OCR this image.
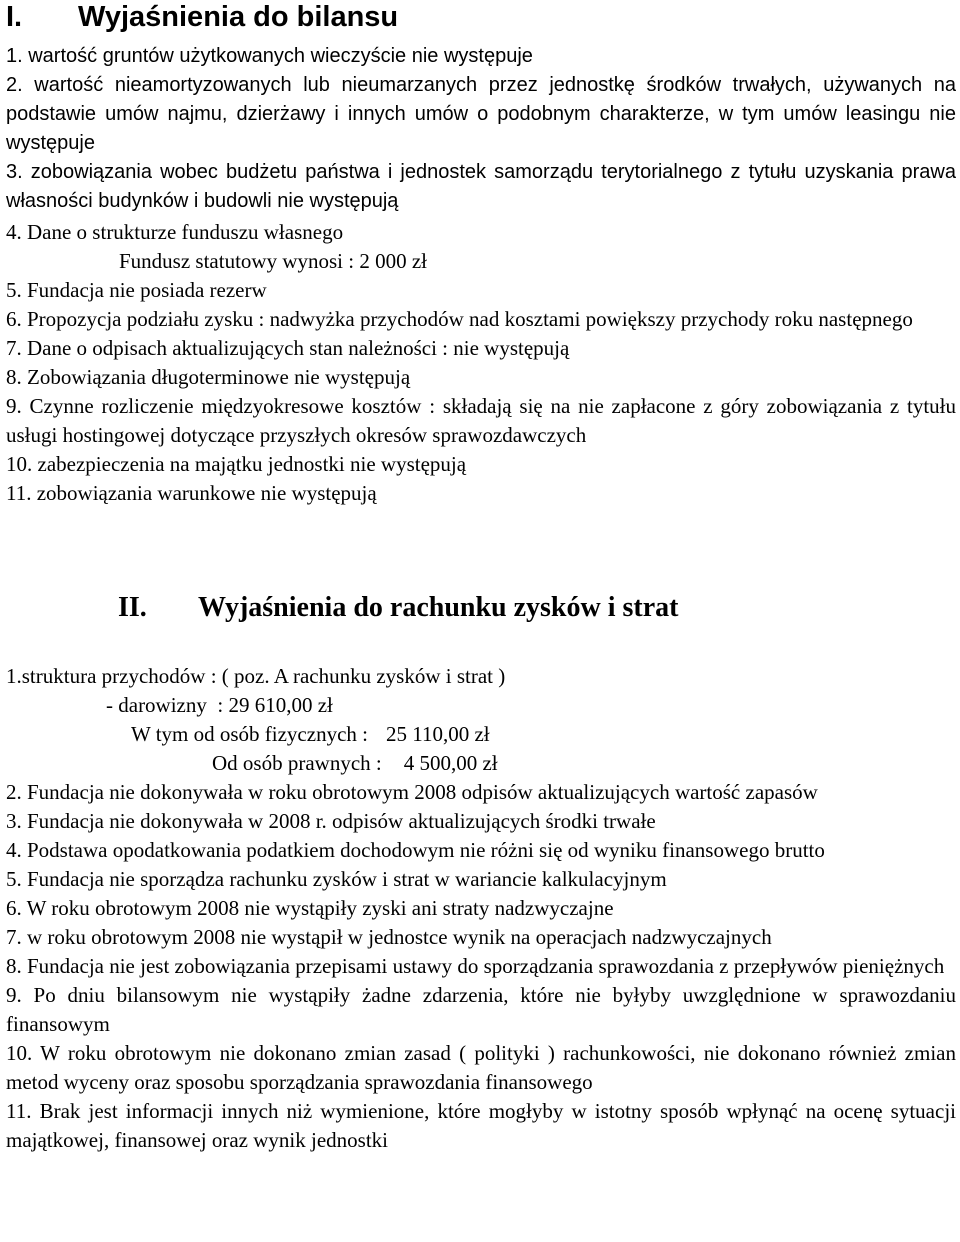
I. Wyjaśnienia do bilansu

1. wartość gruntów użytkowanych wieczyście nie występuje

2. wartość nieamortyzowanych lub nieumarzanych przez jednostkę środków trwałych, używanych na podstawie umów najmu, dzierżawy i innych umów o podobnym charakterze, w tym umów leasingu nie występuje

3. zobowiązania wobec budżetu państwa i jednostek samorządu terytorialnego z tytułu uzyskania prawa własności budynków i budowli nie występują

4. Dane o strukturze funduszu własnego

Fundusz statutowy wynosi : 2 000 zł

5. Fundacja nie posiada rezerw

6. Propozycja podziału zysku : nadwyżka przychodów nad kosztami powiększy przychody roku następnego

7. Dane o odpisach aktualizujących stan należności : nie występują

8. Zobowiązania długoterminowe nie występują

9. Czynne rozliczenie międzyokresowe kosztów : składają się na nie zapłacone z góry zobowiązania z tytułu usługi hostingowej dotyczące przyszłych okresów sprawozdawczych

10. zabezpieczenia na majątku jednostki nie występują

11. zobowiązania warunkowe nie występują

II. Wyjaśnienia do rachunku zysków i strat

1.struktura przychodów : ( poz. A rachunku zysków i strat )

- darowizny  : 29 610,00 zł

W tym od osób fizycznych : 25 110,00 zł

Od osób prawnych : 4 500,00 zł

2. Fundacja nie dokonywała w roku obrotowym 2008 odpisów aktualizujących wartość zapasów

3. Fundacja nie dokonywała w 2008 r. odpisów aktualizujących środki trwałe

4. Podstawa opodatkowania podatkiem dochodowym nie różni się od wyniku finansowego brutto

5. Fundacja nie sporządza rachunku zysków i strat w wariancie kalkulacyjnym

6. W roku obrotowym 2008 nie wystąpiły zyski ani straty nadzwyczajne

7. w roku obrotowym 2008 nie wystąpił w jednostce wynik na operacjach nadzwyczajnych

8. Fundacja nie jest zobowiązania przepisami ustawy do sporządzania sprawozdania z przepływów pieniężnych

9. Po dniu bilansowym nie wystąpiły żadne zdarzenia, które nie byłyby uwzględnione w sprawozdaniu finansowym

10. W roku obrotowym nie dokonano zmian zasad ( polityki ) rachunkowości, nie dokonano również zmian metod wyceny oraz sposobu sporządzania sprawozdania finansowego

11. Brak jest informacji innych niż wymienione, które mogłyby w istotny sposób wpłynąć na ocenę sytuacji majątkowej, finansowej oraz wynik jednostki
